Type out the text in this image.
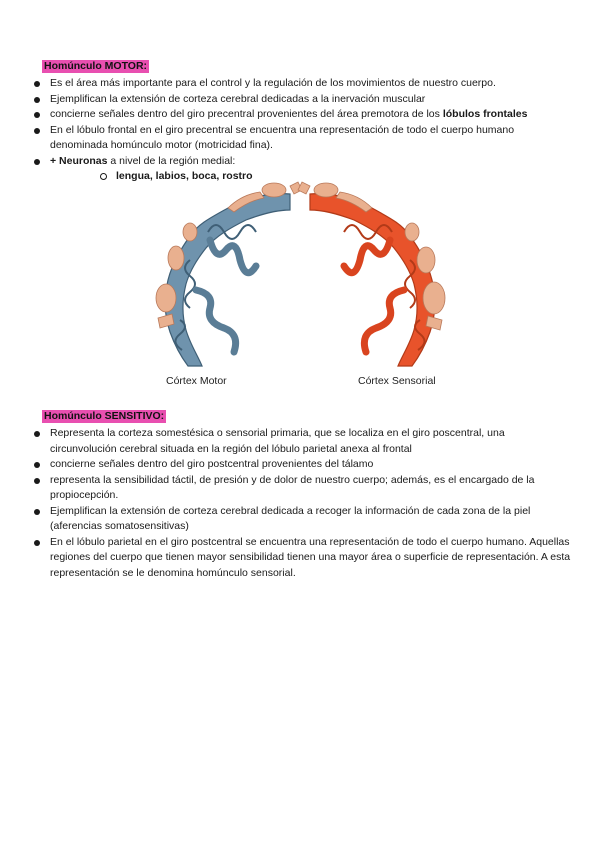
Homúnculo MOTOR:
Es el área más importante para el control y la regulación de los movimientos de nuestro cuerpo.
Ejemplifican la extensión de corteza cerebral dedicadas a la inervación muscular
concierne señales dentro del giro precentral provenientes del área premotora de los lóbulos frontales
En el lóbulo frontal en el giro precentral se encuentra una representación de todo el cuerpo humano denominada homúnculo motor (motricidad fina).
+ Neuronas a nivel de la región medial:
lengua, labios, boca, rostro
Córtex Motor	Córtex Sensorial
Homúnculo SENSITIVO:
Representa la corteza somestésica o sensorial primaria, que se localiza en el giro poscentral, una circunvolución cerebral situada en la región del lóbulo parietal anexa al frontal
concierne señales dentro del giro postcentral provenientes del tálamo
representa la sensibilidad táctil, de presión y de dolor de nuestro cuerpo; además, es el encargado de la propiocepción.
Ejemplifican la extensión de corteza cerebral dedicada a recoger la información de cada zona de la piel (aferencias somatosensitivas)
En el lóbulo parietal en el giro postcentral se encuentra una representación de todo el cuerpo humano. Aquellas regiones del cuerpo que tienen mayor sensibilidad tienen una mayor área o superficie de representación. A esta representación se le denomina homúnculo sensorial.
